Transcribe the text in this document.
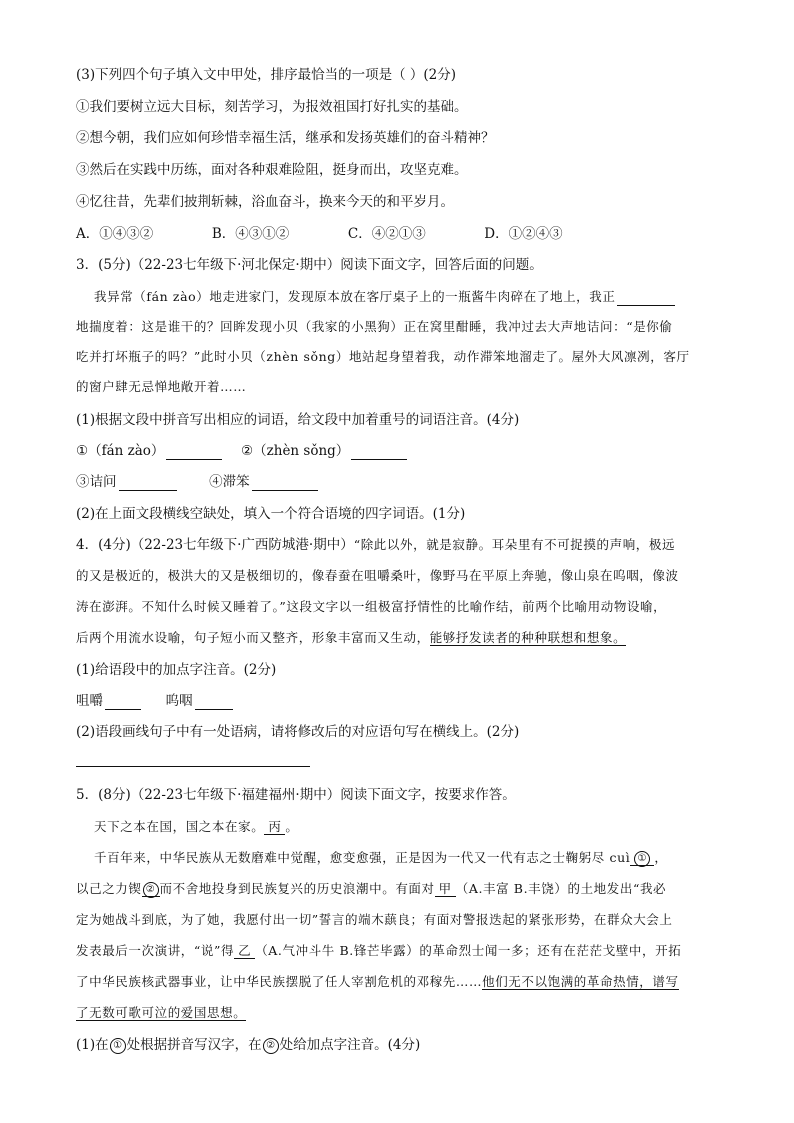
(3)下列四个句子填入文中甲处，排序最恰当的一项是（ ）(2分)
①我们要树立远大目标，刻苦学习，为报效祖国打好扎实的基础。
②想今朝，我们应如何珍惜幸福生活，继承和发扬英雄们的奋斗精神？
③然后在实践中历练，面对各种艰难险阻，挺身而出，攻坚克难。
④忆往昔，先辈们披荆斩棘，浴血奋斗，换来今天的和平岁月。
A．①④③②	B．④③①②	C．④②①③	D．①②④③
3．(5分)（22-23七年级下·河北保定·期中）阅读下面文字，回答后面的问题。
我异常（fán zào）地走进家门，发现原本放在客厅桌子上的一瓶酱牛肉碎在了地上，我正
地揣度着：这是谁干的？回眸发现小贝（我家的小黑狗）正在窝里酣睡，我冲过去大声地诘问：“是你偷
吃并打坏瓶子的吗？”此时小贝（zhèn sǒng）地站起身望着我，动作滞笨地溜走了。屋外大风凛冽，客厅
的窗户肆无忌惮地敞开着……
(1)根据文段中拼音写出相应的词语，给文段中加着重号的词语注音。(4分)
①（fán zào）	②（zhèn sǒng）
③诘问	④滞笨
(2)在上面文段横线空缺处，填入一个符合语境的四字词语。(1分)
4．(4分)（22-23七年级下·广西防城港·期中）“除此以外，就是寂静。耳朵里有不可捉摸的声响，极远
的又是极近的，极洪大的又是极细切的，像春蚕在咀嚼桑叶，像野马在平原上奔驰，像山泉在呜咽，像波
涛在澎湃。不知什么时候又睡着了。”这段文字以一组极富抒情性的比喻作结，前两个比喻用动物设喻，
后两个用流水设喻，句子短小而又整齐，形象丰富而又生动，能够抒发读者的种种联想和想象。
(1)给语段中的加点字注音。(2分)
咀嚼	呜咽
(2)语段画线句子中有一处语病，请将修改后的对应语句写在横线上。(2分)
5．(8分)（22-23七年级下·福建福州·期中）阅读下面文字，按要求作答。
天下之本在国，国之本在家。 丙 。
千百年来，中华民族从无数磨难中觉醒，愈变愈强，正是因为一代又一代有志之士鞠躬尽 cuì ① ，
以己之力锲 ② 而不舍地投身到民族复兴的历史浪潮中。有面对 甲 （A.丰富 B.丰饶）的土地发出“我必
定为她战斗到底，为了她，我愿付出一切”誓言的端木蕻良；有面对警报迭起的紧张形势，在群众大会上
发表最后一次演讲，“说”得 乙 （A.气冲斗牛 B.锋芒毕露）的革命烈士闻一多；还有在茫茫戈壁中，开拓
了中华民族核武器事业，让中华民族摆脱了任人宰割危机的邓稼先……他们无不以饱满的革命热情，谱写
了无数可歌可泣的爱国思想。
(1)在 ① 处根据拼音写汉字，在 ② 处给加点字注音。(4分)
